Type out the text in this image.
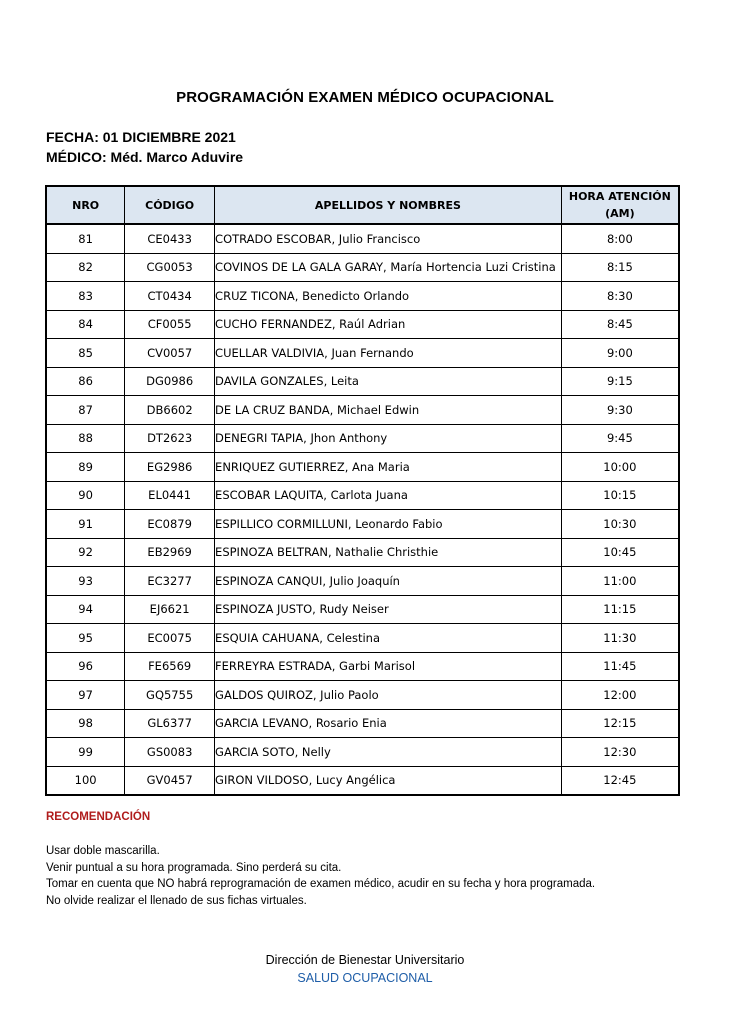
PROGRAMACIÓN EXAMEN MÉDICO OCUPACIONAL
FECHA: 01 DICIEMBRE 2021
MÉDICO: Méd. Marco Aduvire
NRO	CÓDIGO	APELLIDOS Y NOMBRES	HORA ATENCIÓN
(AM)
81	CE0433	COTRADO ESCOBAR, Julio Francisco	8:00
82	CG0053	COVINOS DE LA GALA GARAY, María Hortencia Luzi Cristina	8:15
83	CT0434	CRUZ TICONA, Benedicto Orlando	8:30
84	CF0055	CUCHO FERNANDEZ, Raúl Adrian	8:45
85	CV0057	CUELLAR VALDIVIA, Juan Fernando	9:00
86	DG0986	DAVILA GONZALES, Leita	9:15
87	DB6602	DE LA CRUZ BANDA, Michael Edwin	9:30
88	DT2623	DENEGRI TAPIA, Jhon Anthony	9:45
89	EG2986	ENRIQUEZ GUTIERREZ, Ana Maria	10:00
90	EL0441	ESCOBAR LAQUITA, Carlota Juana	10:15
91	EC0879	ESPILLICO CORMILLUNI, Leonardo Fabio	10:30
92	EB2969	ESPINOZA BELTRAN, Nathalie Christhie	10:45
93	EC3277	ESPINOZA CANQUI, Julio Joaquín	11:00
94	EJ6621	ESPINOZA JUSTO, Rudy Neiser	11:15
95	EC0075	ESQUIA CAHUANA, Celestina	11:30
96	FE6569	FERREYRA ESTRADA, Garbi Marisol	11:45
97	GQ5755	GALDOS QUIROZ, Julio Paolo	12:00
98	GL6377	GARCIA LEVANO, Rosario Enia	12:15
99	GS0083	GARCIA SOTO, Nelly	12:30
100	GV0457	GIRON VILDOSO, Lucy Angélica	12:45
RECOMENDACIÓN
Usar doble mascarilla.
Venir puntual a su hora programada. Sino perderá su cita.
Tomar en cuenta que NO habrá reprogramación de examen médico, acudir en su fecha y hora programada.
No olvide realizar el llenado de sus fichas virtuales.
Dirección de Bienestar Universitario
SALUD OCUPACIONAL
